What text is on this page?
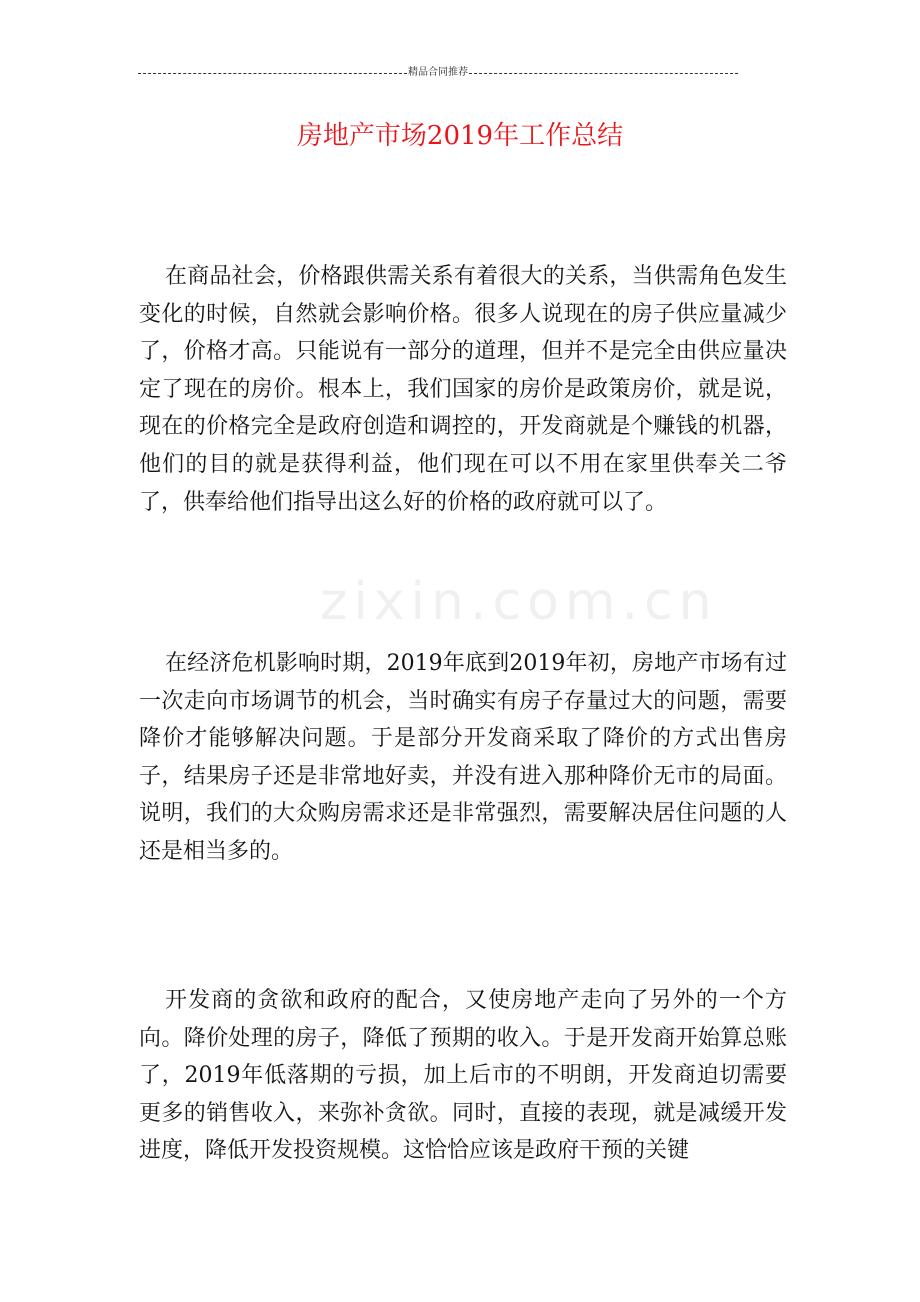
精品合同推荐
房地产市场2019年工作总结
zixin.com.cn

在商品社会，价格跟供需关系有着很大的关系，当供需角色发生变化的时候，自然就会影响价格。很多人说现在的房子供应量减少了，价格才高。只能说有一部分的道理，但并不是完全由供应量决定了现在的房价。根本上，我们国家的房价是政策房价，就是说，现在的价格完全是政府创造和调控的，开发商就是个赚钱的机器，他们的目的就是获得利益，他们现在可以不用在家里供奉关二爷了，供奉给他们指导出这么好的价格的政府就可以了。

在经济危机影响时期，2019年底到2019年初，房地产市场有过一次走向市场调节的机会，当时确实有房子存量过大的问题，需要降价才能够解决问题。于是部分开发商采取了降价的方式出售房子，结果房子还是非常地好卖，并没有进入那种降价无市的局面。说明，我们的大众购房需求还是非常强烈，需要解决居住问题的人还是相当多的。

开发商的贪欲和政府的配合，又使房地产走向了另外的一个方向。降价处理的房子，降低了预期的收入。于是开发商开始算总账了，2019年低落期的亏损，加上后市的不明朗，开发商迫切需要更多的销售收入，来弥补贪欲。同时，直接的表现，就是减缓开发进度，降低开发投资规模。这恰恰应该是政府干预的关键
